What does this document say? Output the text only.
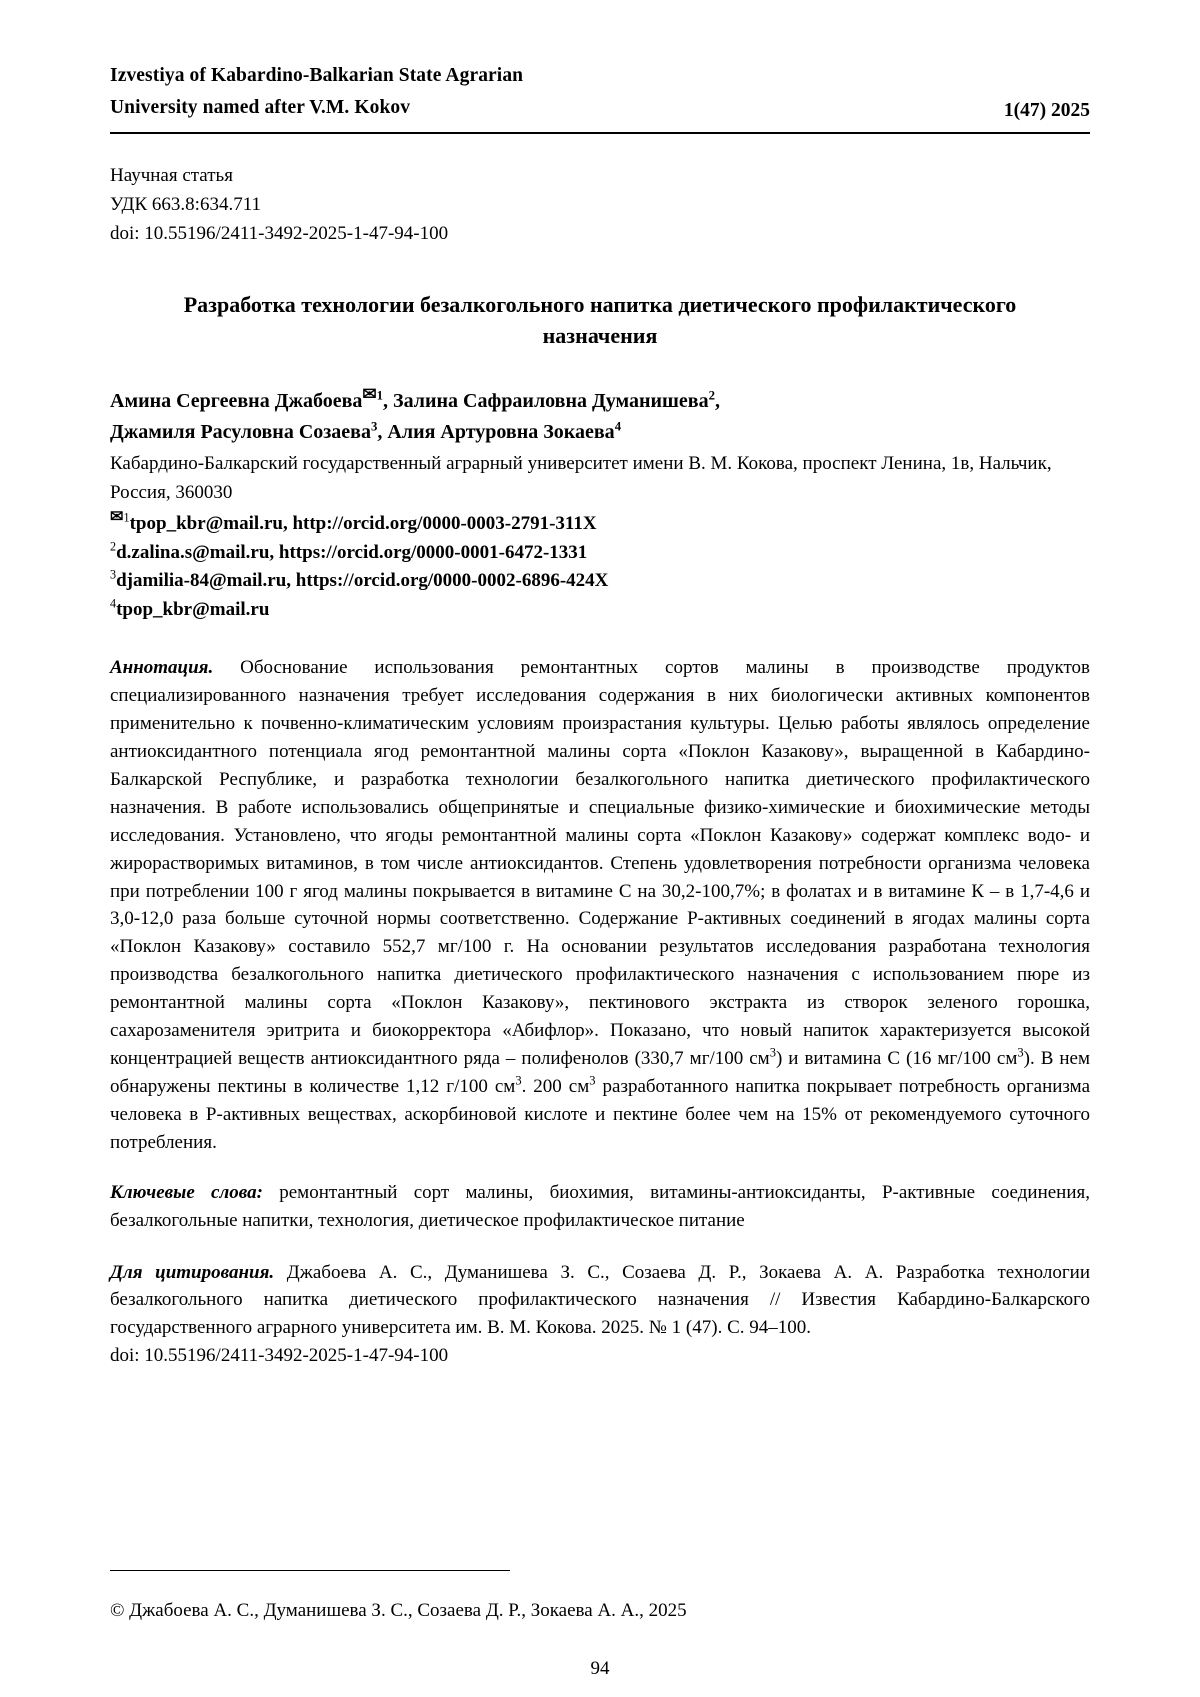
Izvestiya of Kabardino-Balkarian State Agrarian
University named after V.M. Kokov	1(47) 2025
Научная статья
УДК 663.8:634.711
doi: 10.55196/2411-3492-2025-1-47-94-100
Разработка технологии безалкогольного напитка диетического профилактического назначения
Амина Сергеевна Джабоева$^{✉1}$, Залина Сафраиловна Думанишева$^2$,
Джамиля Расуловна Созаева$^3$, Алия Артуровна Зокаева$^4$
Кабардино-Балкарский государственный аграрный университет имени В. М. Кокова, проспект Ленина, 1в, Нальчик, Россия, 360030
$^{✉1}$tpop_kbr@mail.ru, http://orcid.org/0000-0003-2791-311X
$^2$d.zalina.s@mail.ru, https://orcid.org/0000-0001-6472-1331
$^3$djamilia-84@mail.ru, https://orcid.org/0000-0002-6896-424X
$^4$tpop_kbr@mail.ru
Аннотация. Обоснование использования ремонтантных сортов малины в производстве продуктов специализированного назначения требует исследования содержания в них биологически активных компонентов применительно к почвенно-климатическим условиям произрастания культуры. Целью работы являлось определение антиоксидантного потенциала ягод ремонтантной малины сорта «Поклон Казакову», выращенной в Кабардино-Балкарской Республике, и разработка технологии безалкогольного напитка диетического профилактического назначения. В работе использовались общепринятые и специальные физико-химические и биохимические методы исследования. Установлено, что ягоды ремонтантной малины сорта «Поклон Казакову» содержат комплекс водо- и жирорастворимых витаминов, в том числе антиоксидантов. Степень удовлетворения потребности организма человека при потреблении 100 г ягод малины покрывается в витамине С на 30,2-100,7%; в фолатах и в витамине К – в 1,7-4,6 и 3,0-12,0 раза больше суточной нормы соответственно. Содержание Р-активных соединений в ягодах малины сорта «Поклон Казакову» составило 552,7 мг/100 г. На основании результатов исследования разработана технология производства безалкогольного напитка диетического профилактического назначения с использованием пюре из ремонтантной малины сорта «Поклон Казакову», пектинового экстракта из створок зеленого горошка, сахарозаменителя эритрита и биокорректора «Абифлор». Показано, что новый напиток характеризуется высокой концентрацией веществ антиоксидантного ряда – полифенолов (330,7 мг/100 $см^3$) и витамина С (16 мг/100 $см^3$). В нем обнаружены пектины в количестве 1,12 г/100 $см^3$. 200 $см^3$ разработанного напитка покрывает потребность организма человека в Р-активных веществах, аскорбиновой кислоте и пектине более чем на 15% от рекомендуемого суточного потребления.
Ключевые слова: ремонтантный сорт малины, биохимия, витамины-антиоксиданты, Р-активные соединения, безалкогольные напитки, технология, диетическое профилактическое питание
Для цитирования. Джабоева А. С., Думанишева З. С., Созаева Д. Р., Зокаева А. А. Разработка технологии безалкогольного напитка диетического профилактического назначения // Известия Кабардино-Балкарского государственного аграрного университета им. В. М. Кокова. 2025. № 1 (47). С. 94–100.
doi: 10.55196/2411-3492-2025-1-47-94-100
© Джабоева А. С., Думанишева З. С., Созаева Д. Р., Зокаева А. А., 2025
94
